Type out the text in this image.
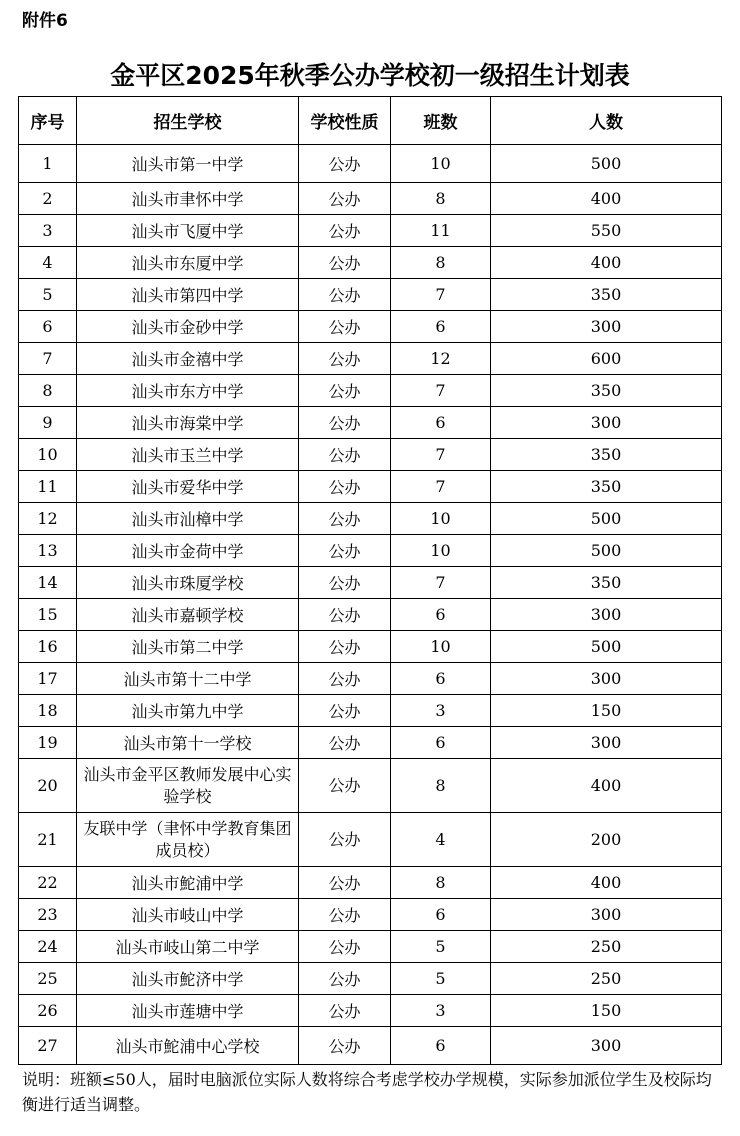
附件6
金平区2025年秋季公办学校初一级招生计划表
序号	招生学校	学校性质	班数	人数
1	汕头市第一中学	公办	10	500
2	汕头市聿怀中学	公办	8	400
3	汕头市飞厦中学	公办	11	550
4	汕头市东厦中学	公办	8	400
5	汕头市第四中学	公办	7	350
6	汕头市金砂中学	公办	6	300
7	汕头市金禧中学	公办	12	600
8	汕头市东方中学	公办	7	350
9	汕头市海棠中学	公办	6	300
10	汕头市玉兰中学	公办	7	350
11	汕头市爱华中学	公办	7	350
12	汕头市汕樟中学	公办	10	500
13	汕头市金荷中学	公办	10	500
14	汕头市珠厦学校	公办	7	350
15	汕头市嘉顿学校	公办	6	300
16	汕头市第二中学	公办	10	500
17	汕头市第十二中学	公办	6	300
18	汕头市第九中学	公办	3	150
19	汕头市第十一学校	公办	6	300
20	汕头市金平区教师发展中心实验学校	公办	8	400
21	友联中学（聿怀中学教育集团成员校）	公办	4	200
22	汕头市鮀浦中学	公办	8	400
23	汕头市岐山中学	公办	6	300
24	汕头市岐山第二中学	公办	5	250
25	汕头市鮀济中学	公办	5	250
26	汕头市莲塘中学	公办	3	150
27	汕头市鮀浦中心学校	公办	6	300
说明：班额≤50人，届时电脑派位实际人数将综合考虑学校办学规模，实际参加派位学生及校际均衡进行适当调整。
